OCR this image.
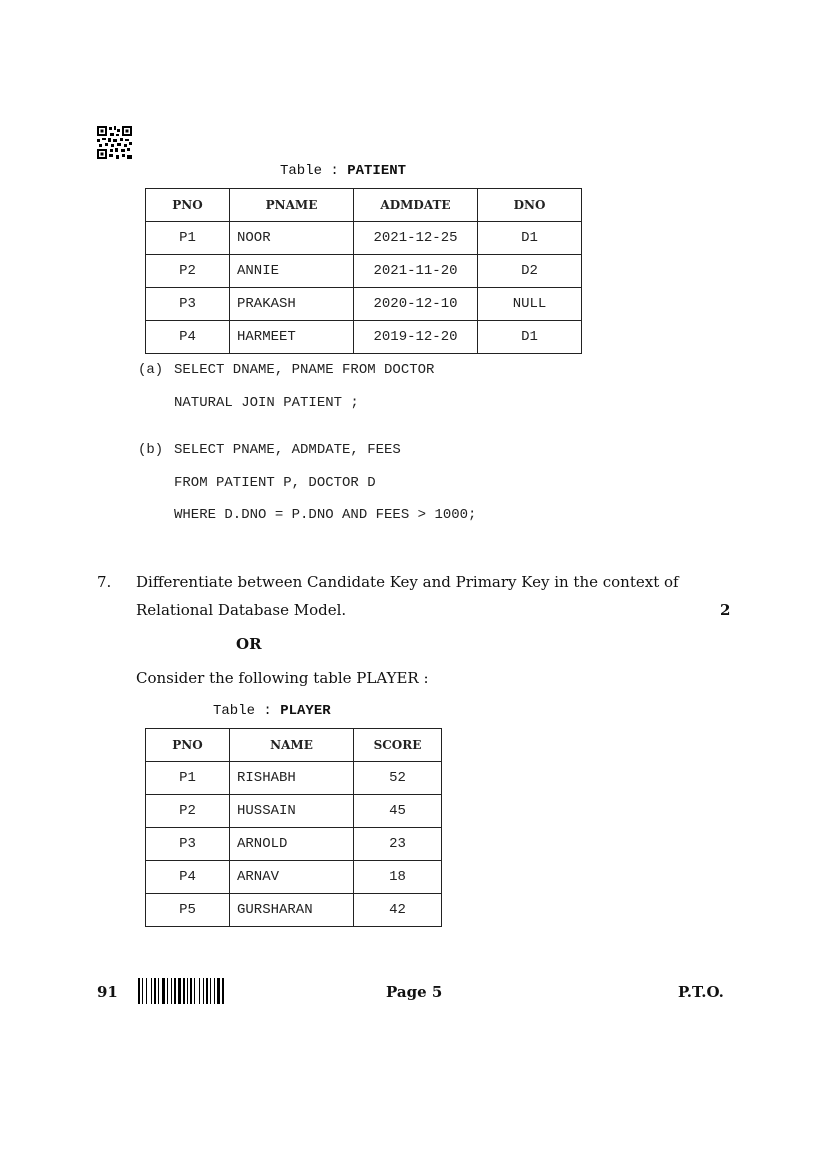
Table : PATIENT
PNO	PNAME	ADMDATE	DNO
P1	NOOR	2021-12-25	D1
P2	ANNIE	2021-11-20	D2
P3	PRAKASH	2020-12-10	NULL
P4	HARMEET	2019-12-20	D1
(a) SELECT DNAME, PNAME FROM DOCTOR
NATURAL JOIN PATIENT ;
(b) SELECT PNAME, ADMDATE, FEES
FROM PATIENT P, DOCTOR D
WHERE D.DNO = P.DNO AND FEES > 1000;
7. Differentiate between Candidate Key and Primary Key in the context of
Relational Database Model.	2
OR
Consider the following table PLAYER :
Table : PLAYER
PNO	NAME	SCORE
P1	RISHABH	52
P2	HUSSAIN	45
P3	ARNOLD	23
P4	ARNAV	18
P5	GURSHARAN	42
91	Page 5	P.T.O.
